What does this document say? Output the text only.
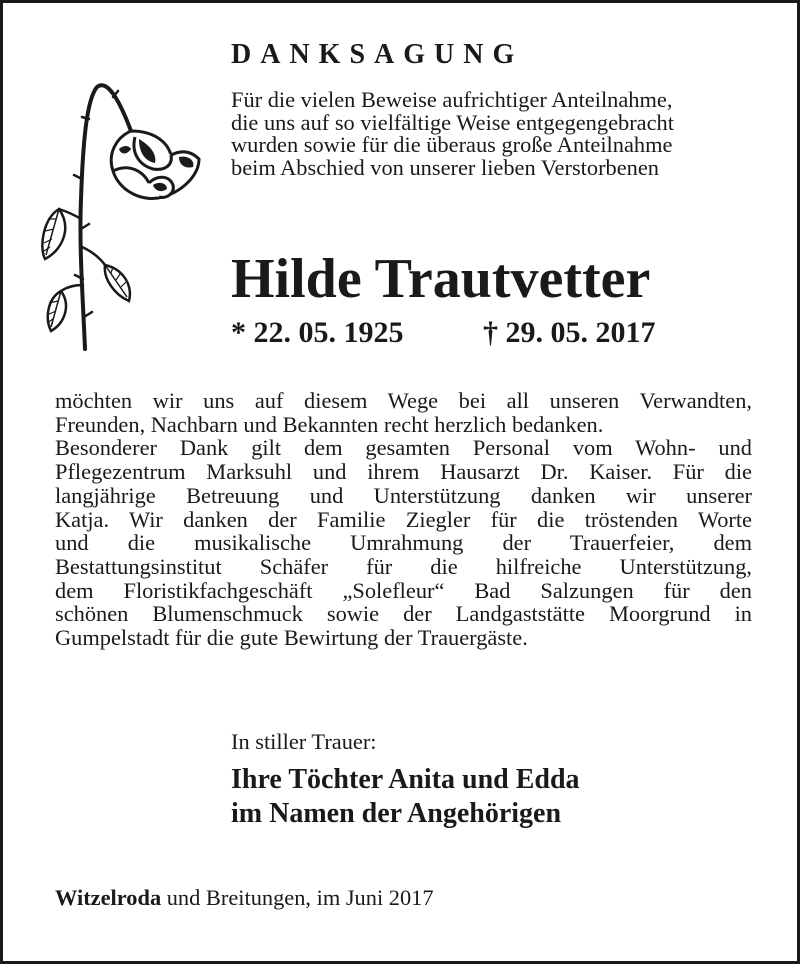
DANKSAGUNG

Für die vielen Beweise aufrichtiger Anteilnahme,
die uns auf so vielfältige Weise entgegengebracht
wurden sowie für die überaus große Anteilnahme
beim Abschied von unserer lieben Verstorbenen

Hilde Trautvetter
* 22. 05. 1925	† 29. 05. 2017

möchten wir uns auf diesem Wege bei all unseren Verwandten,
Freunden, Nachbarn und Bekannten recht herzlich bedanken.
Besonderer Dank gilt dem gesamten Personal vom Wohn- und
Pflegezentrum Marksuhl und ihrem Hausarzt Dr. Kaiser. Für die
langjährige Betreuung und Unterstützung danken wir unserer
Katja. Wir danken der Familie Ziegler für die tröstenden Worte
und die musikalische Umrahmung der Trauerfeier, dem
Bestattungsinstitut Schäfer für die hilfreiche Unterstützung,
dem Floristikfachgeschäft „Solefleur“ Bad Salzungen für den
schönen Blumenschmuck sowie der Landgaststätte Moorgrund in
Gumpelstadt für die gute Bewirtung der Trauergäste.

In stiller Trauer:

Ihre Töchter Anita und Edda
im Namen der Angehörigen

Witzelroda und Breitungen, im Juni 2017
